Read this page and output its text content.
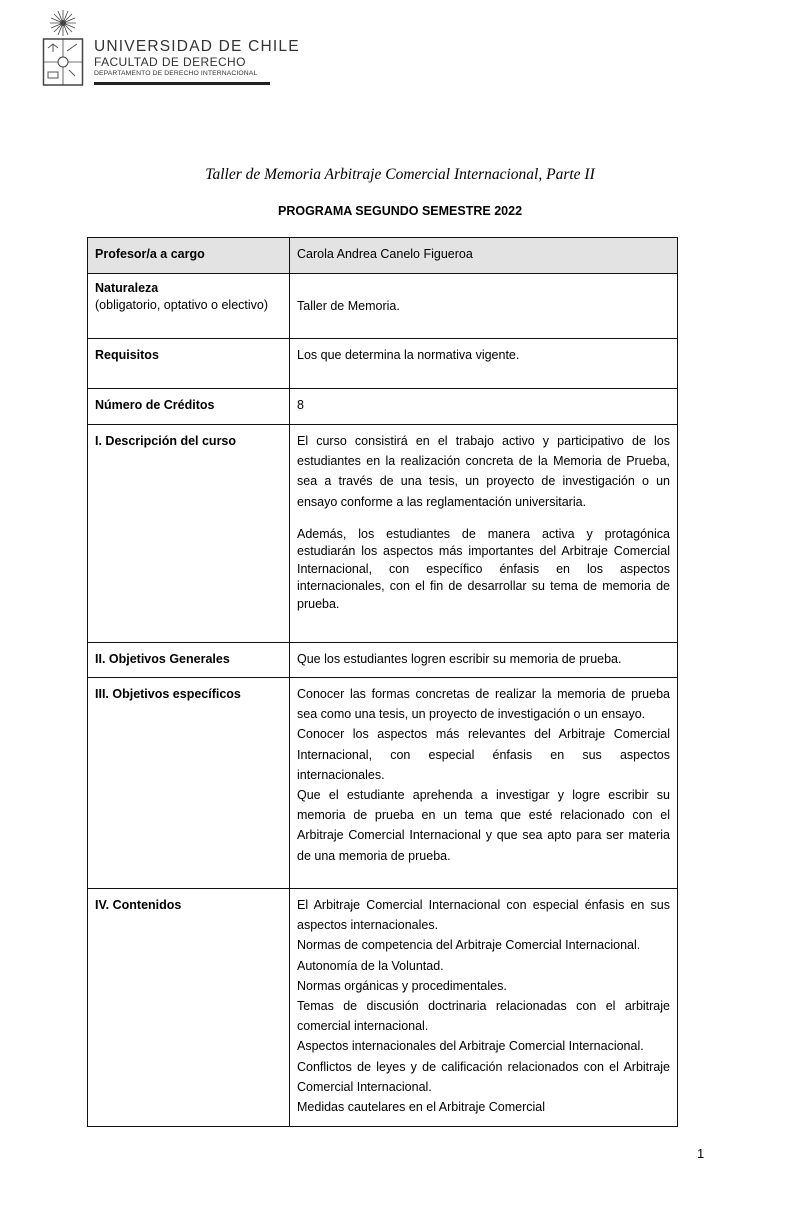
UNIVERSIDAD DE CHILE
FACULTAD DE DERECHO
DEPARTAMENTO DE DERECHO INTERNACIONAL
Taller de Memoria Arbitraje Comercial Internacional, Parte II
PROGRAMA SEGUNDO SEMESTRE 2022
Profesor/a a cargo	Carola Andrea Canelo Figueroa

Naturaleza
(obligatorio, optativo o electivo)	Taller de Memoria.
Requisitos	Los que determina la normativa vigente.
Número de Créditos	8
I. Descripción del curso	El curso consistirá en el trabajo activo y participativo de los estudiantes en la realización concreta de la Memoria de Prueba, sea a través de una tesis, un proyecto de investigación o un ensayo conforme a las reglamentación universitaria.

Además, los estudiantes de manera activa y protagónica estudiarán los aspectos más importantes del Arbitraje Comercial Internacional, con específico énfasis en los aspectos internacionales, con el fin de desarrollar su tema de memoria de prueba.

II. Objetivos Generales	Que los estudiantes logren escribir su memoria de prueba.
III. Objetivos específicos	Conocer las formas concretas de realizar la memoria de prueba sea como una tesis, un proyecto de investigación o un ensayo.
Conocer los aspectos más relevantes del Arbitraje Comercial Internacional, con especial énfasis en sus aspectos internacionales.
Que el estudiante aprehenda a investigar y logre escribir su memoria de prueba en un tema que esté relacionado con el Arbitraje Comercial Internacional y que sea apto para ser materia de una memoria de prueba.

IV. Contenidos	El Arbitraje Comercial Internacional con especial énfasis en sus aspectos internacionales.
Normas de competencia del Arbitraje Comercial Internacional.
Autonomía de la Voluntad.
Normas orgánicas y procedimentales.
Temas de discusión doctrinaria relacionadas con el arbitraje comercial internacional.
Aspectos internacionales del Arbitraje Comercial Internacional.
Conflictos de leyes y de calificación relacionados con el Arbitraje Comercial Internacional.
Medidas cautelares en el Arbitraje Comercial
1
